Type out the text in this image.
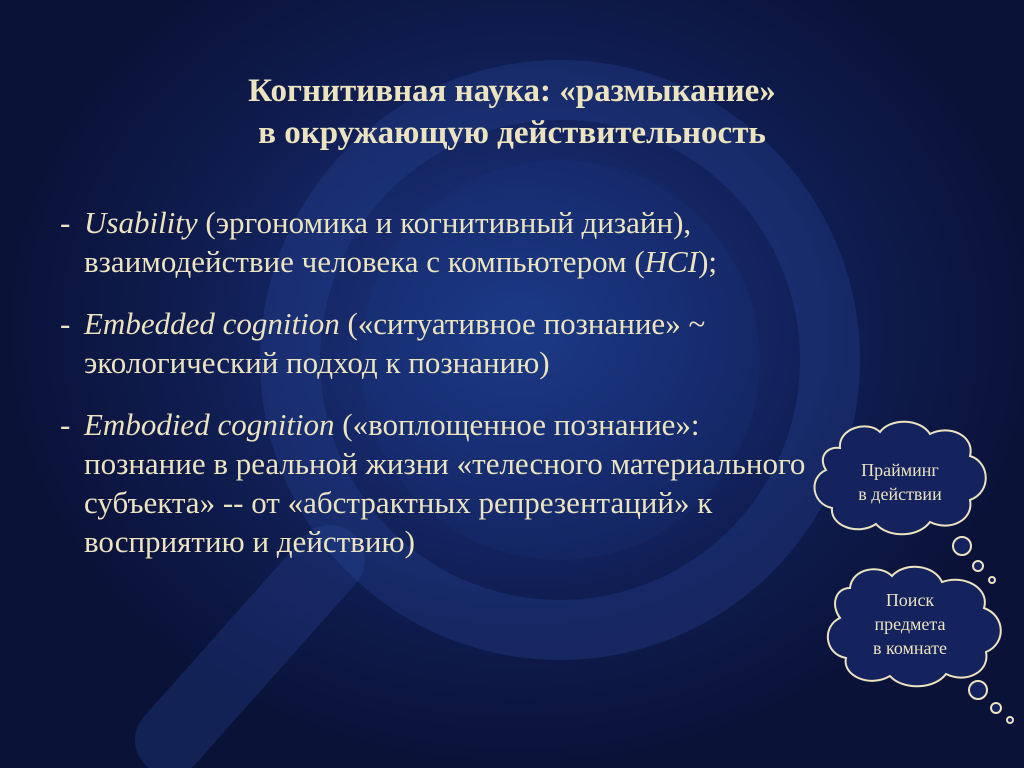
Когнитивная наука: «размыкание»
в окружающую действительность
- Usability (эргономика и когнитивный дизайн), взаимодействие человека с компьютером (HCI);
- Embedded cognition («ситуативное познание» ~ экологический подход к познанию)
- Embodied cognition («воплощенное познание»: познание в реальной жизни «телесного материального субъекта» -- от «абстрактных репрезентаций» к восприятию и действию)
Прайминг
в действии
Поиск
предмета
в комнате
